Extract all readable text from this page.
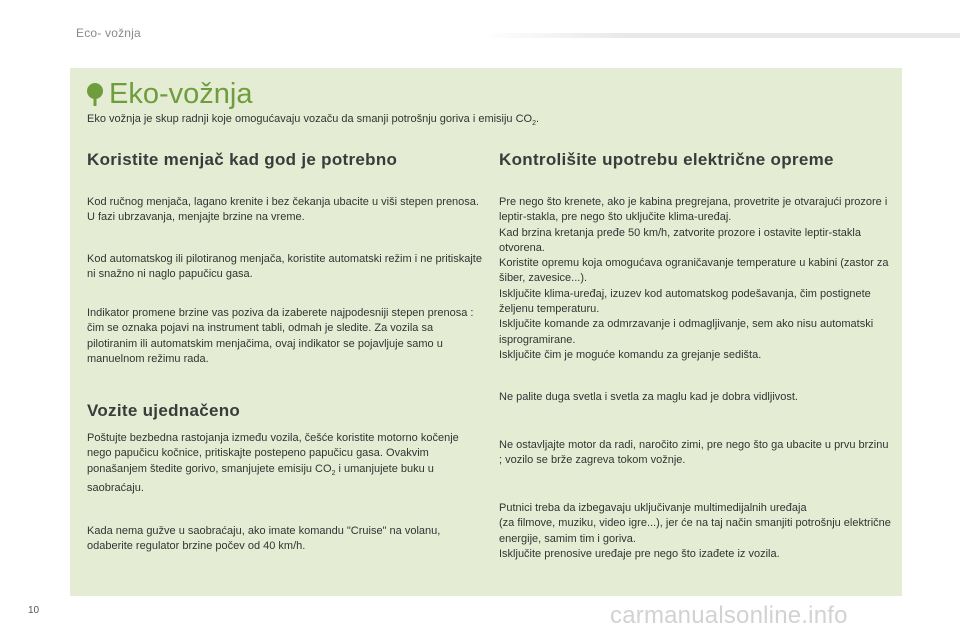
Eco- vožnja
Eko-vožnja
Eko vožnja je skup radnji koje omogućavaju vozaču da smanji potrošnju goriva i emisiju $CO_2$.
Koristite menjač kad god je potrebno

Kod ručnog menjača, lagano krenite i bez čekanja ubacite u viši stepen prenosa. U fazi ubrzavanja, menjajte brzine na vreme.

Kod automatskog ili pilotiranog menjača, koristite automatski režim i ne pritiskajte ni snažno ni naglo papučicu gasa.

Indikator promene brzine vas poziva da izaberete najpodesniji stepen prenosa : čim se oznaka pojavi na instrument tabli, odmah je sledite. Za vozila sa pilotiranim ili automatskim menjačima, ovaj indikator se pojavljuje samo u manuelnom režimu rada.

Vozite ujednačeno

Poštujte bezbedna rastojanja između vozila, češće koristite motorno kočenje nego papučicu kočnice, pritiskajte postepeno papučicu gasa. Ovakvim ponašanjem štedite gorivo, smanjujete emisiju $CO_2$ i umanjujete buku u saobraćaju.

Kada nema gužve u saobraćaju, ako imate komandu "Cruise" na volanu, odaberite regulator brzine počev od 40 km/h.

Kontrolišite upotrebu električne opreme

Pre nego što krenete, ako je kabina pregrejana, provetrite je otvarajući prozore i leptir-stakla, pre nego što uključite klima-uređaj.

Kad brzina kretanja pređe 50 km/h, zatvorite prozore i ostavite leptir-stakla otvorena.

Koristite opremu koja omogućava ograničavanje temperature u kabini (zastor za šiber, zavesice...).

Isključite klima-uređaj, izuzev kod automatskog podešavanja, čim postignete željenu temperaturu.

Isključite komande za odmrzavanje i odmagljivanje, sem ako nisu automatski isprogramirane.

Isključite čim je moguće komandu za grejanje sedišta.

Ne palite duga svetla i svetla za maglu kad je dobra vidljivost.

Ne ostavljajte motor da radi, naročito zimi, pre nego što ga ubacite u prvu brzinu ; vozilo se brže zagreva tokom vožnje.

Putnici treba da izbegavaju uključivanje multimedijalnih uređaja

(za filmove, muziku, video igre...), jer će na taj način smanjiti potrošnju električne energije, samim tim i goriva.

Isključite prenosive uređaje pre nego što izađete iz vozila.

10	carmanualsonline.info
